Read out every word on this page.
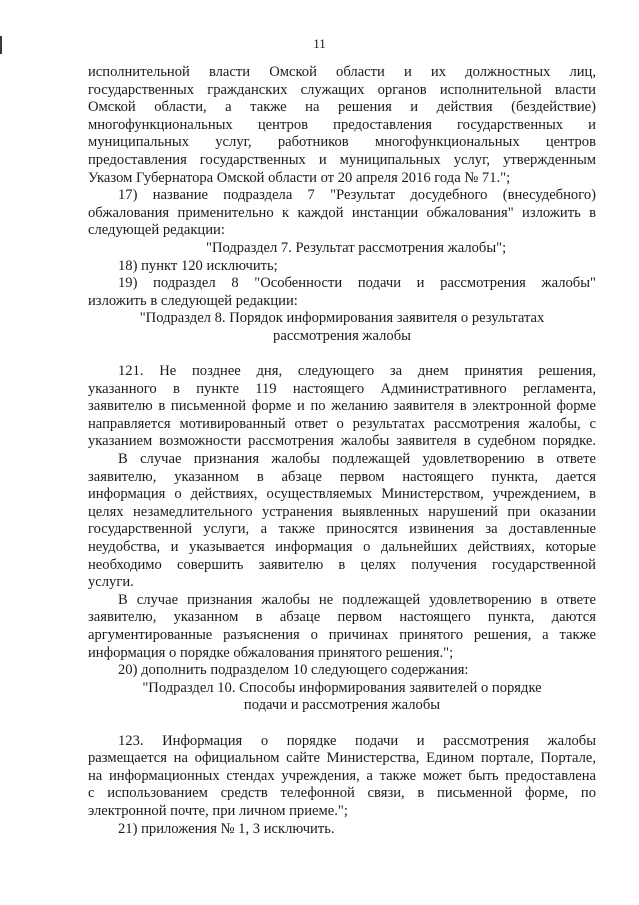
11
исполнительной власти Омской области и их должностных лиц,
государственных гражданских служащих органов исполнительной власти
Омской области, а также на решения и действия (бездействие)
многофункциональных центров предоставления государственных и
муниципальных услуг, работников многофункциональных центров
предоставления государственных и муниципальных услуг, утвержденным
Указом Губернатора Омской области от 20 апреля 2016 года № 71.";
17) название подраздела 7 "Результат досудебного (внесудебного)
обжалования применительно к каждой инстанции обжалования" изложить в
следующей редакции:
"Подраздел 7. Результат рассмотрения жалобы";
18) пункт 120 исключить;
19) подраздел 8 "Особенности подачи и рассмотрения жалобы"
изложить в следующей редакции:
"Подраздел 8. Порядок информирования заявителя о результатах
рассмотрения жалобы
121. Не позднее дня, следующего за днем принятия решения,
указанного в пункте 119 настоящего Административного регламента,
заявителю в письменной форме и по желанию заявителя в электронной форме
направляется мотивированный ответ о результатах рассмотрения жалобы, с
указанием возможности рассмотрения жалобы заявителя в судебном порядке.
В случае признания жалобы подлежащей удовлетворению в ответе
заявителю, указанном в абзаце первом настоящего пункта, дается
информация о действиях, осуществляемых Министерством, учреждением, в
целях незамедлительного устранения выявленных нарушений при оказании
государственной услуги, а также приносятся извинения за доставленные
неудобства, и указывается информация о дальнейших действиях, которые
необходимо совершить заявителю в целях получения государственной
услуги.
В случае признания жалобы не подлежащей удовлетворению в ответе
заявителю, указанном в абзаце первом настоящего пункта, даются
аргументированные разъяснения о причинах принятого решения, а также
информация о порядке обжалования принятого решения.";
20) дополнить подразделом 10 следующего содержания:
"Подраздел 10. Способы информирования заявителей о порядке
подачи и рассмотрения жалобы
123. Информация о порядке подачи и рассмотрения жалобы
размещается на официальном сайте Министерства, Едином портале, Портале,
на информационных стендах учреждения, а также может быть предоставлена
с использованием средств телефонной связи, в письменной форме, по
электронной почте, при личном приеме.";
21) приложения № 1, 3 исключить.
